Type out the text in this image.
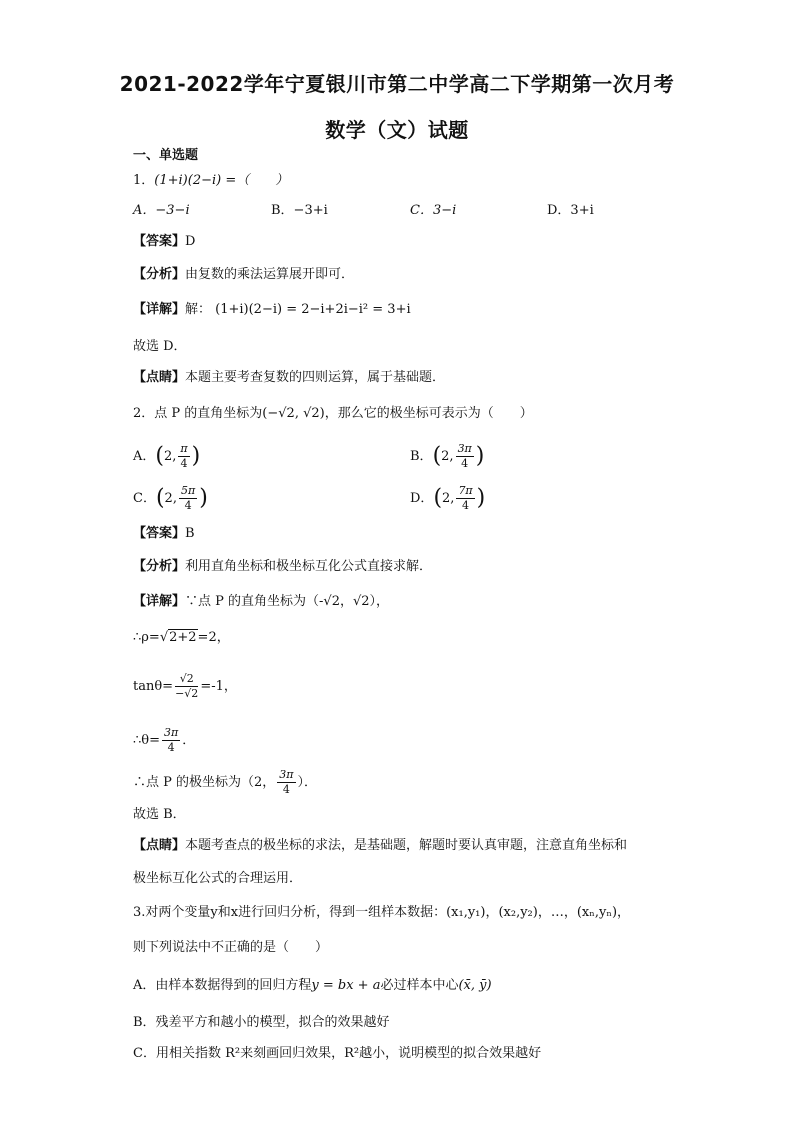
2021-2022学年宁夏银川市第二中学高二下学期第一次月考
数学（文）试题
一、单选题
1．(1+i)(2−i) =（　　）
A．−3−i	B．−3+i	C．3−i	D．3+i
【答案】D
【分析】由复数的乘法运算展开即可．
【详解】解： (1+i)(2−i) = 2−i+2i−i² = 3+i
故选 D．
【点睛】本题主要考查复数的四则运算，属于基础题．
2．点 P 的直角坐标为(−√2, √2)，那么它的极坐标可表示为（　　）
A．(2, $\frac{\pi}{4}$ )	B．(2, $\frac{3\pi}{4}$ )
C．(2, $\frac{5\pi}{4}$ )	D．(2, $\frac{7\pi}{4}$ )
【答案】B
【分析】利用直角坐标和极坐标互化公式直接求解．
【详解】∵点 P 的直角坐标为（-√2，√2），
∴ρ=√2+2=2，
$\tan\theta= \frac{√2}{-√2} =-1$，
∴θ= $\frac{3\pi}{4}$ ．
∴点 P 的极坐标为（2， $\frac{3\pi}{4}$ ）．
故选 B．
【点睛】本题考查点的极坐标的求法，是基础题，解题时要认真审题，注意直角坐标和
极坐标互化公式的合理运用．
3.对两个变量y和x进行回归分析，得到一组样本数据：(x₁,y₁)，(x₂,y₂)，…，(xₙ,yₙ)，
则下列说法中不正确的是（　　）
A．由样本数据得到的回归方程y = bx + a必过样本中心(x̄, ȳ)
B．残差平方和越小的模型，拟合的效果越好
C．用相关指数 R²来刻画回归效果，R²越小，说明模型的拟合效果越好
